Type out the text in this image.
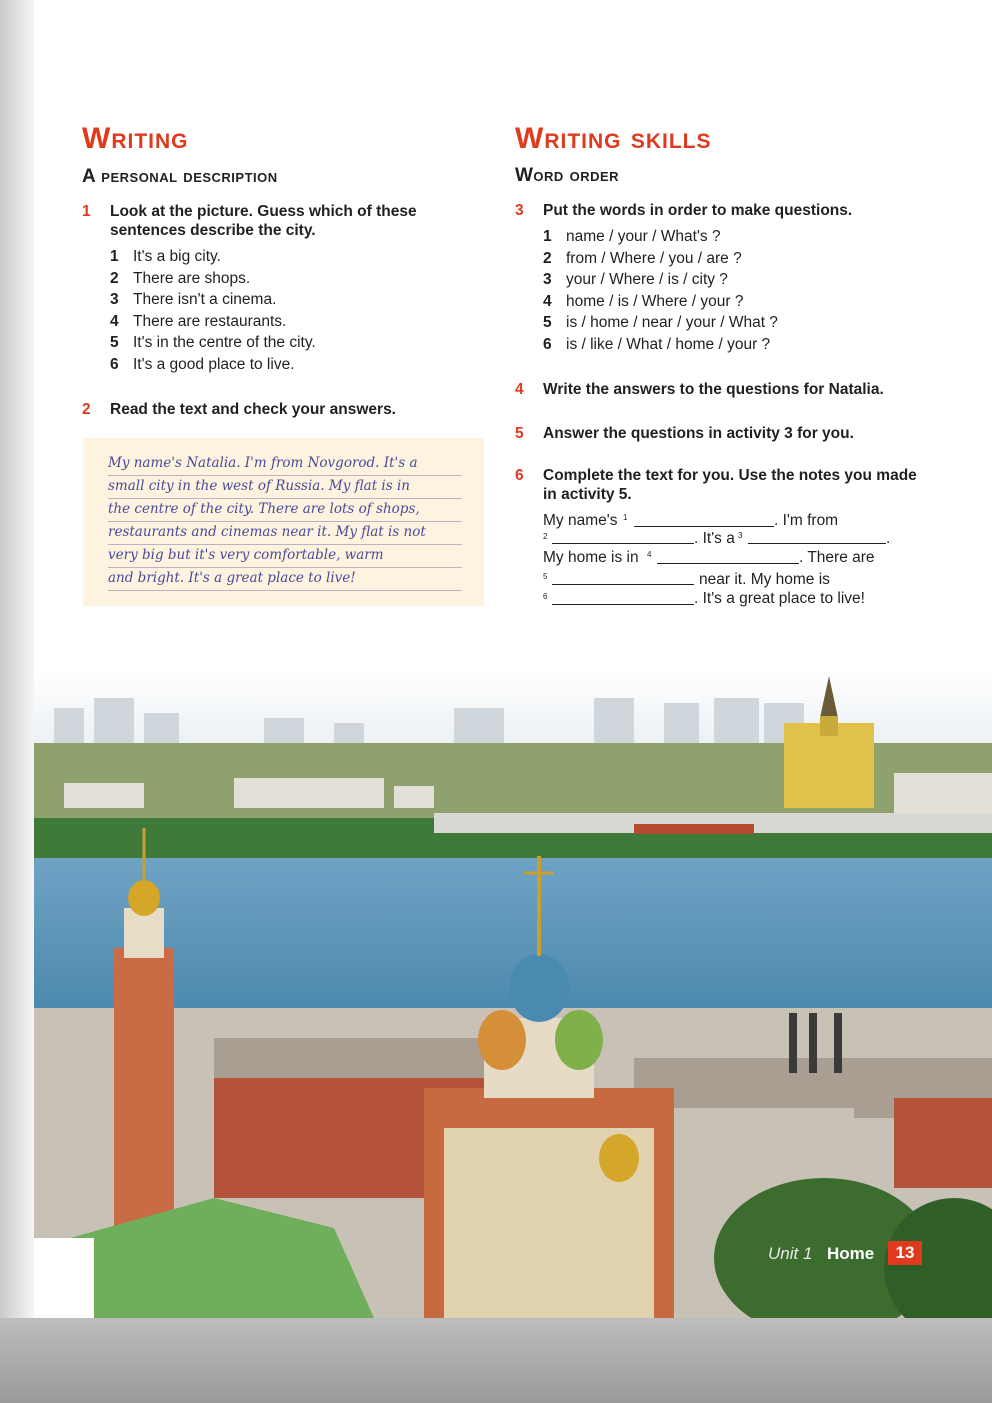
Writing
A personal description
1 Look at the picture. Guess which of these
sentences describe the city.
1 It's a big city.
2 There are shops.
3 There isn't a cinema.
4 There are restaurants.
5 It's in the centre of the city.
6 It's a good place to live.
2 Read the text and check your answers.
My name's Natalia. I'm from Novgorod. It's a
small city in the west of Russia. My flat is in
the centre of the city. There are lots of shops,
restaurants and cinemas near it. My flat is not
very big but it's very comfortable, warm
and bright. It's a great place to live!
Writing skills
Word order
3 Put the words in order to make questions.
1 name / your / What's ?
2 from / Where / you / are ?
3 your / Where / is / city ?
4 home / is / Where / your ?
5 is / home / near / your / What ?
6 is / like / What / home / your ?
4 Write the answers to the questions for Natalia.
5 Answer the questions in activity 3 for you.
6 Complete the text for you. Use the notes you made
in activity 5.
My name's 1	. I'm from
2	. It's a 3	.
My home is in 4	. There are
5	near it. My home is
6	. It's a great place to live!
Unit 1 Home	13
